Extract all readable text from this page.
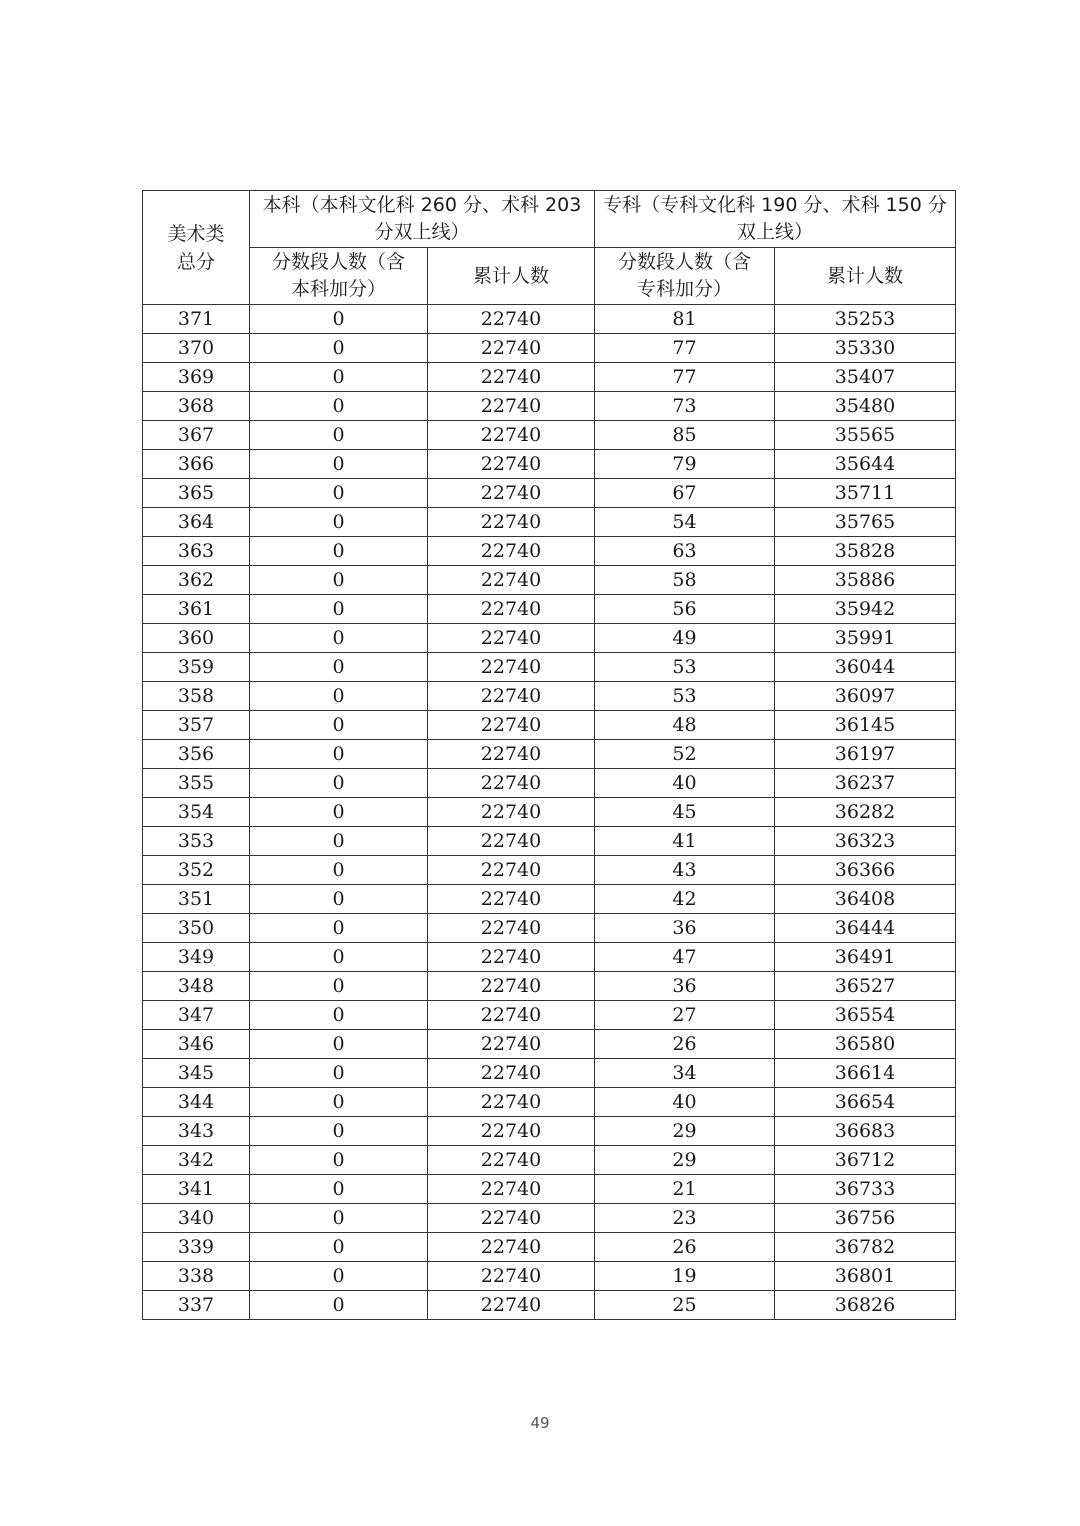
美术类总分	本科（本科文化科 260 分、术科 203 分双上线）		专科（专科文化科 190 分、术科 150 分双上线）	
	分数段人数（含本科加分）	累计人数	分数段人数（含专科加分）	累计人数
371	0	22740	81	35253
370	0	22740	77	35330
369	0	22740	77	35407
368	0	22740	73	35480
367	0	22740	85	35565
366	0	22740	79	35644
365	0	22740	67	35711
364	0	22740	54	35765
363	0	22740	63	35828
362	0	22740	58	35886
361	0	22740	56	35942
360	0	22740	49	35991
359	0	22740	53	36044
358	0	22740	53	36097
357	0	22740	48	36145
356	0	22740	52	36197
355	0	22740	40	36237
354	0	22740	45	36282
353	0	22740	41	36323
352	0	22740	43	36366
351	0	22740	42	36408
350	0	22740	36	36444
349	0	22740	47	36491
348	0	22740	36	36527
347	0	22740	27	36554
346	0	22740	26	36580
345	0	22740	34	36614
344	0	22740	40	36654
343	0	22740	29	36683
342	0	22740	29	36712
341	0	22740	21	36733
340	0	22740	23	36756
339	0	22740	26	36782
338	0	22740	19	36801
337	0	22740	25	36826
49
